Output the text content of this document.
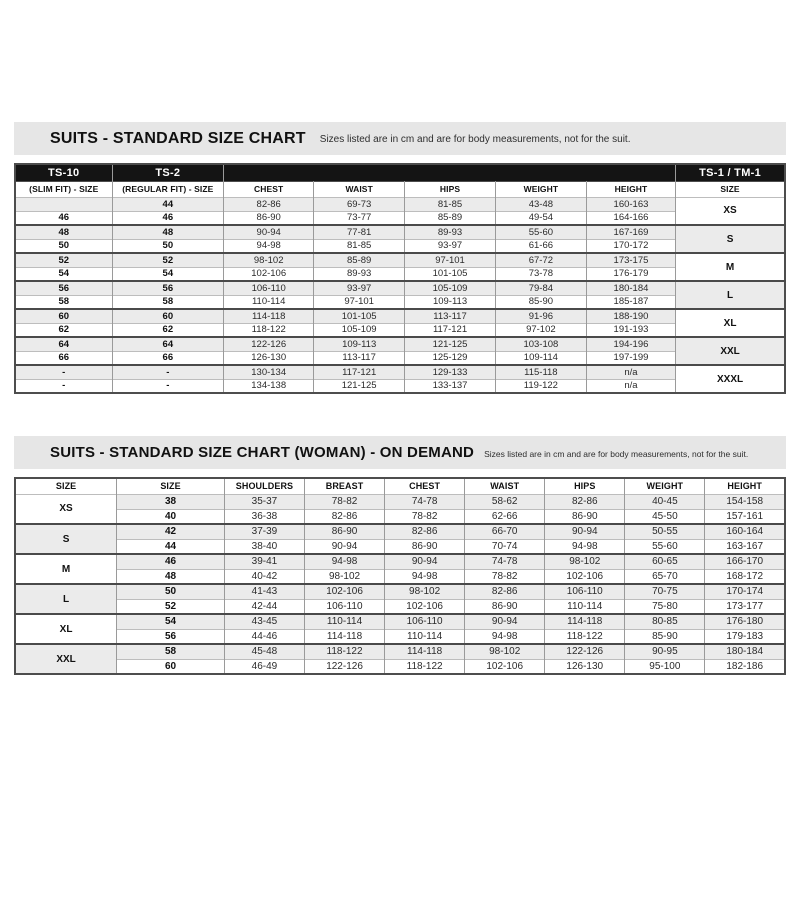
SUITS - STANDARD SIZE CHART Sizes listed are in cm and are for body measurements, not for the suit.
TS-10	TS-2						TS-1 / TM-1
(SLIM FIT) - SIZE	(REGULAR FIT) - SIZE	CHEST	WAIST	HIPS	WEIGHT	HEIGHT	SIZE
	44	82-86	69-73	81-85	43-48	160-163	XS
46	46	86-90	73-77	85-89	49-54	164-166	
48	48	90-94	77-81	89-93	55-60	167-169	S
50	50	94-98	81-85	93-97	61-66	170-172	
52	52	98-102	85-89	97-101	67-72	173-175	M
54	54	102-106	89-93	101-105	73-78	176-179	
56	56	106-110	93-97	105-109	79-84	180-184	L
58	58	110-114	97-101	109-113	85-90	185-187	
60	60	114-118	101-105	113-117	91-96	188-190	XL
62	62	118-122	105-109	117-121	97-102	191-193	
64	64	122-126	109-113	121-125	103-108	194-196	XXL
66	66	126-130	113-117	125-129	109-114	197-199	
-	-	130-134	117-121	129-133	115-118	n/a	XXXL
-	-	134-138	121-125	133-137	119-122	n/a	
SUITS - STANDARD SIZE CHART (WOMAN) - ON DEMAND Sizes listed are in cm and are for body measurements, not for the suit.
SIZE	SIZE	SHOULDERS	BREAST	CHEST	WAIST	HIPS	WEIGHT	HEIGHT
XS	38	35-37	78-82	74-78	58-62	82-86	40-45	154-158
	40	36-38	82-86	78-82	62-66	86-90	45-50	157-161
S	42	37-39	86-90	82-86	66-70	90-94	50-55	160-164
	44	38-40	90-94	86-90	70-74	94-98	55-60	163-167
M	46	39-41	94-98	90-94	74-78	98-102	60-65	166-170
	48	40-42	98-102	94-98	78-82	102-106	65-70	168-172
L	50	41-43	102-106	98-102	82-86	106-110	70-75	170-174
	52	42-44	106-110	102-106	86-90	110-114	75-80	173-177
XL	54	43-45	110-114	106-110	90-94	114-118	80-85	176-180
	56	44-46	114-118	110-114	94-98	118-122	85-90	179-183
XXL	58	45-48	118-122	114-118	98-102	122-126	90-95	180-184
	60	46-49	122-126	118-122	102-106	126-130	95-100	182-186
